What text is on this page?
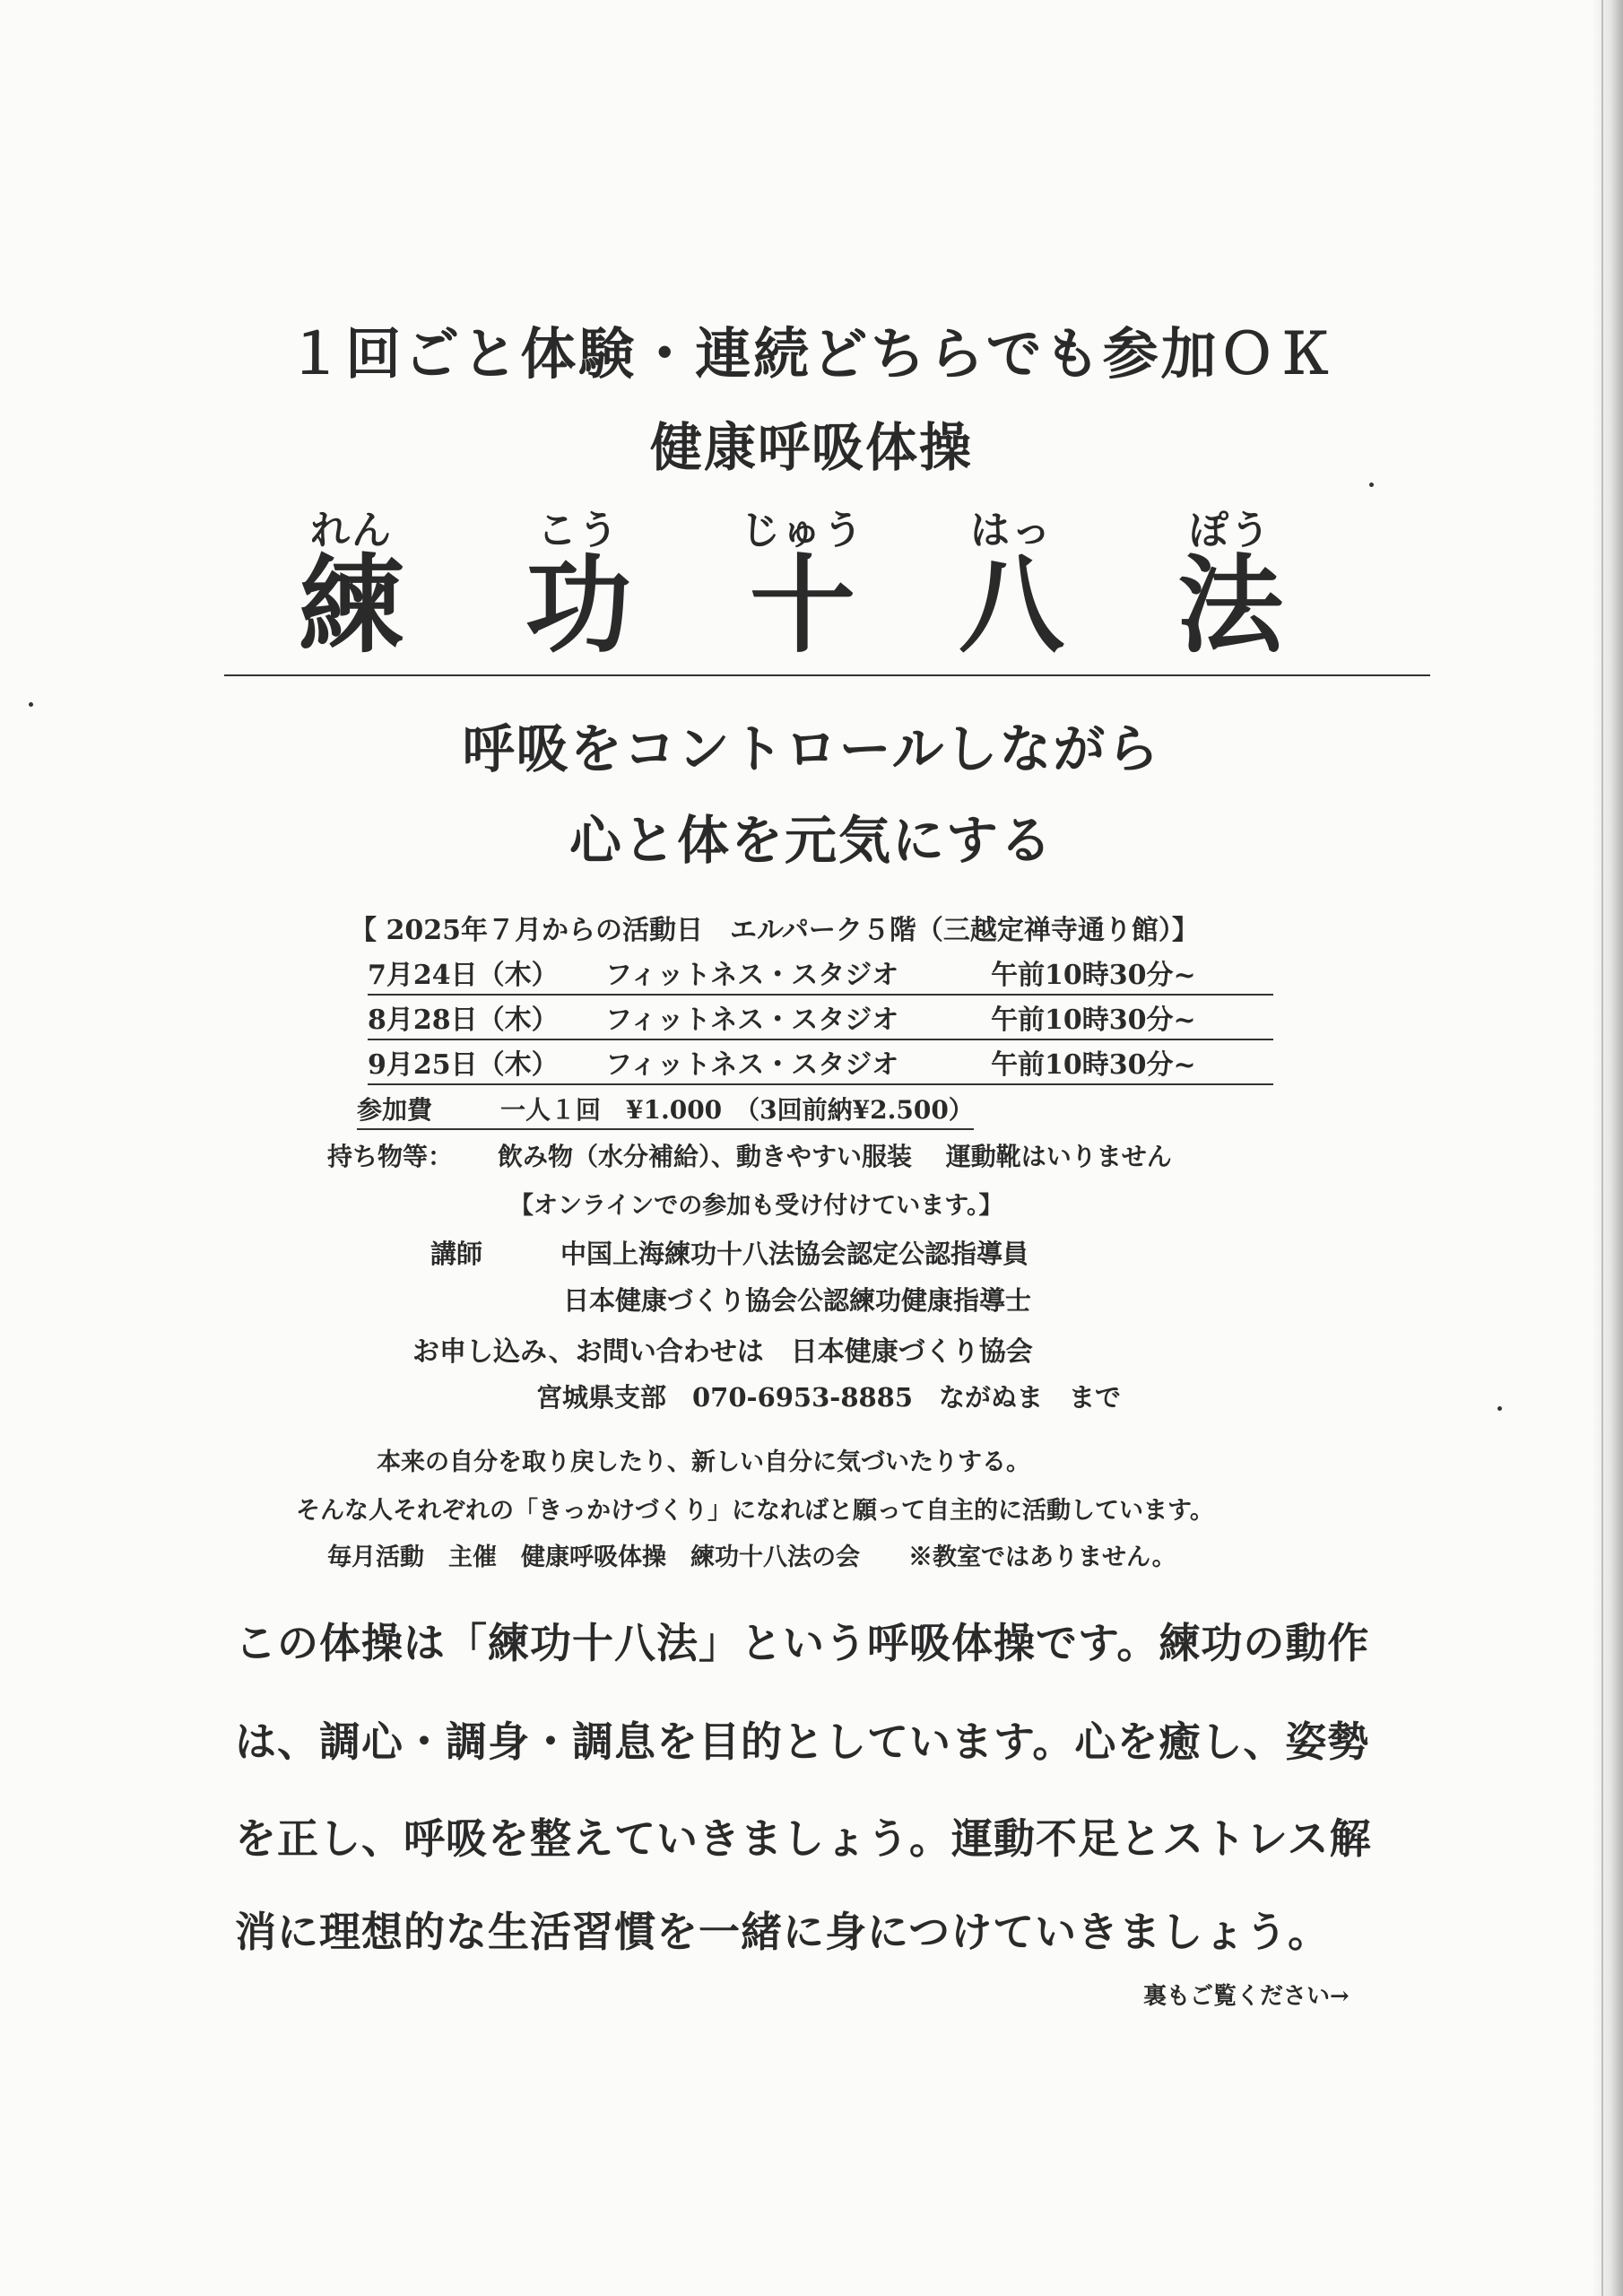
１回ごと体験・連続どちらでも参加ＯＫ
健康呼吸体操
れん	こう	じゅう	はっ	ぽう
練	功	十 八	法
呼吸をコントロールしながら
心と体を元気にする
【 2025年７月からの活動日　エルパーク５階（三越定禅寺通り館）】
7月24日（木） フィットネス・スタジオ	午前10時30分~
8月28日（木） フィットネス・スタジオ	午前10時30分~
9月25日（木） フィットネス・スタジオ	午前10時30分~
参加費	一人１回　¥1.000　（3回前納¥2.500）
持ち物等： 飲み物（水分補給）、動きやすい服装　 運動靴はいりません
【オンラインでの参加も受け付けています。】
講師	中国上海練功十八法協会認定公認指導員
日本健康づくり協会公認練功健康指導士
お申し込み、お問い合わせは　日本健康づくり協会
宮城県支部　070-6953-8885　ながぬま　まで
本来の自分を取り戻したり、新しい自分に気づいたりする。
そんな人それぞれの「きっかけづくり」になればと願って自主的に活動しています。
毎月活動　主催　健康呼吸体操　練功十八法の会　　※教室ではありません。
この体操は「練功十八法」という呼吸体操です。練功の動作
は、調心・調身・調息を目的としています。心を癒し、姿勢
を正し、呼吸を整えていきましょう。運動不足とストレス解
消に理想的な生活習慣を一緒に身につけていきましょう。
裏もご覧ください→
